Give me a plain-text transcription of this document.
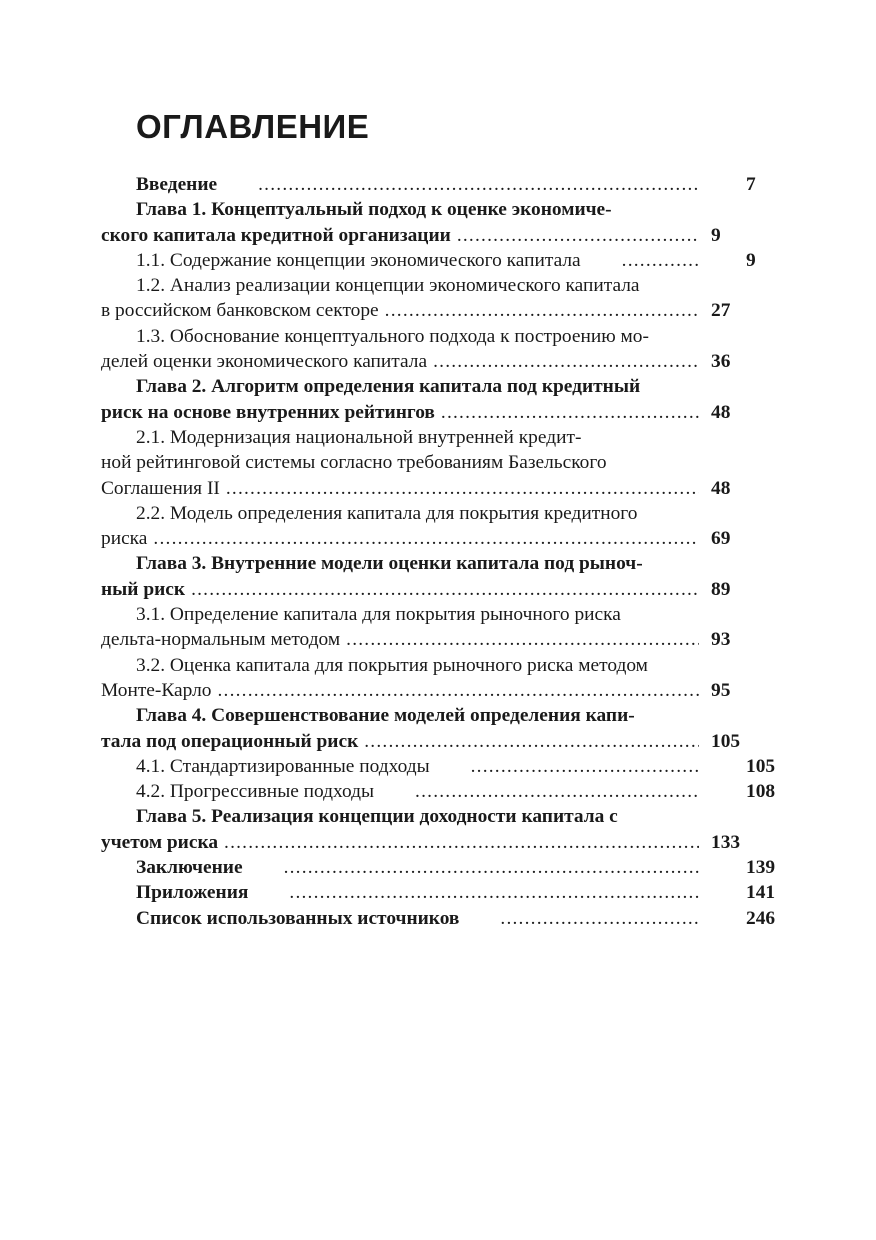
ОГЛАВЛЕНИЕ
Введение .....	7
Глава 1. Концептуальный подход к оценке экономиче-
ского капитала кредитной организации .....	9
1.1. Содержание концепции экономического капитала .....	9
1.2. Анализ реализации концепции экономического капитала
в российском банковском секторе .....	27
1.3. Обоснование концептуального подхода к построению мо-
делей оценки экономического капитала .....	36
Глава 2. Алгоритм определения капитала под кредитный
риск на основе внутренних рейтингов .....	48
2.1. Модернизация национальной внутренней кредит-
ной рейтинговой системы согласно требованиям Базельского
Соглашения II .....	48
2.2. Модель определения капитала для покрытия кредитного
риска .....	69
Глава 3. Внутренние модели оценки капитала под рыноч-
ный риск .....	89
3.1. Определение капитала для покрытия рыночного риска
дельта-нормальным методом .....	93
3.2. Оценка капитала для покрытия рыночного риска методом
Монте-Карло .....	95
Глава 4. Совершенствование моделей определения капи-
тала под операционный риск .....	105
4.1. Стандартизированные подходы .....	105
4.2. Прогрессивные подходы .....	108
Глава 5. Реализация концепции доходности капитала с
учетом риска .....	133
Заключение .....	139
Приложения .....	141
Список использованных источников .....	246
